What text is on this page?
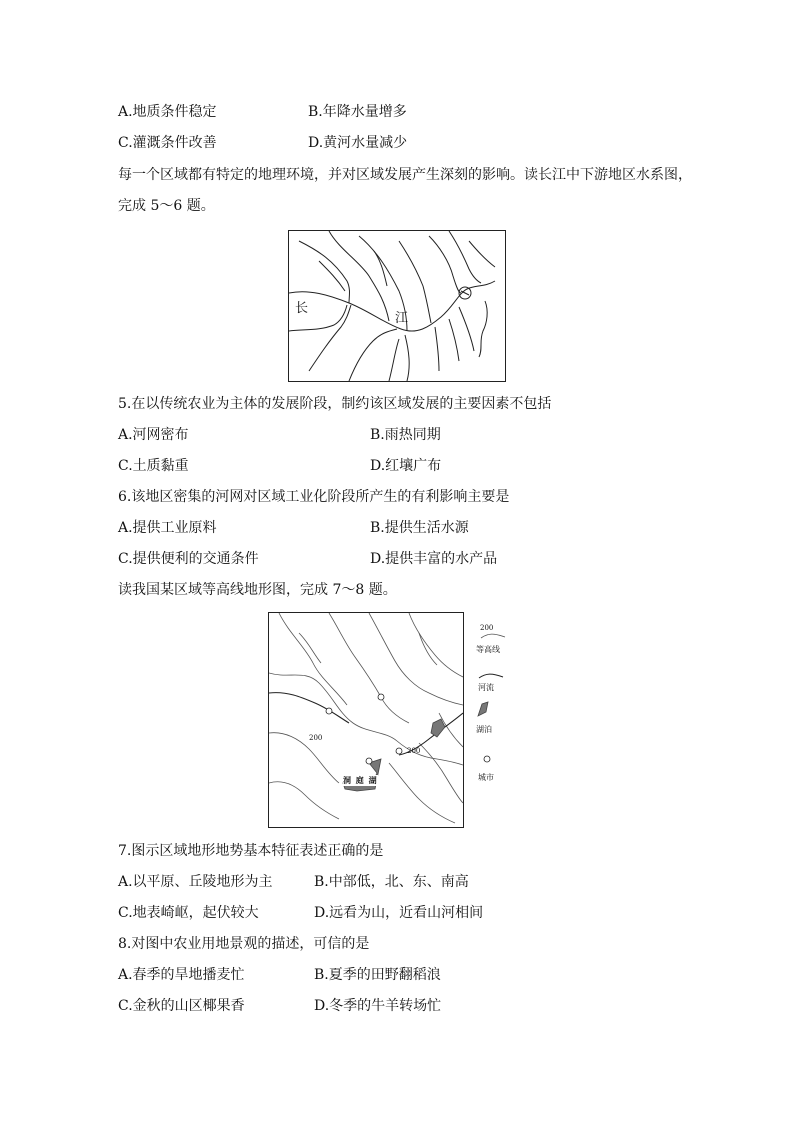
A.地质条件稳定	B.年降水量增多
C.灌溉条件改善	D.黄河水量减少
每一个区域都有特定的地理环境，并对区域发展产生深刻的影响。读长江中下游地区水系图，
完成 5～6 题。
长
江
5.在以传统农业为主体的发展阶段，制约该区域发展的主要因素不包括
A.河网密布	B.雨热同期
C.土质黏重	D.红壤广布
6.该地区密集的河网对区域工业化阶段所产生的有利影响主要是
A.提供工业原料	B.提供生活水源
C.提供便利的交通条件	D.提供丰富的水产品
读我国某区域等高线地形图，完成 7～8 题。
200
200
洞 庭 湖
200
等高线
河流
湖泊
城市
7.图示区域地形地势基本特征表述正确的是
A.以平原、丘陵地形为主	B.中部低，北、东、南高
C.地表崎岖，起伏较大	D.远看为山，近看山河相间
8.对图中农业用地景观的描述，可信的是
A.春季的旱地播麦忙	B.夏季的田野翻稻浪
C.金秋的山区椰果香	D.冬季的牛羊转场忙
